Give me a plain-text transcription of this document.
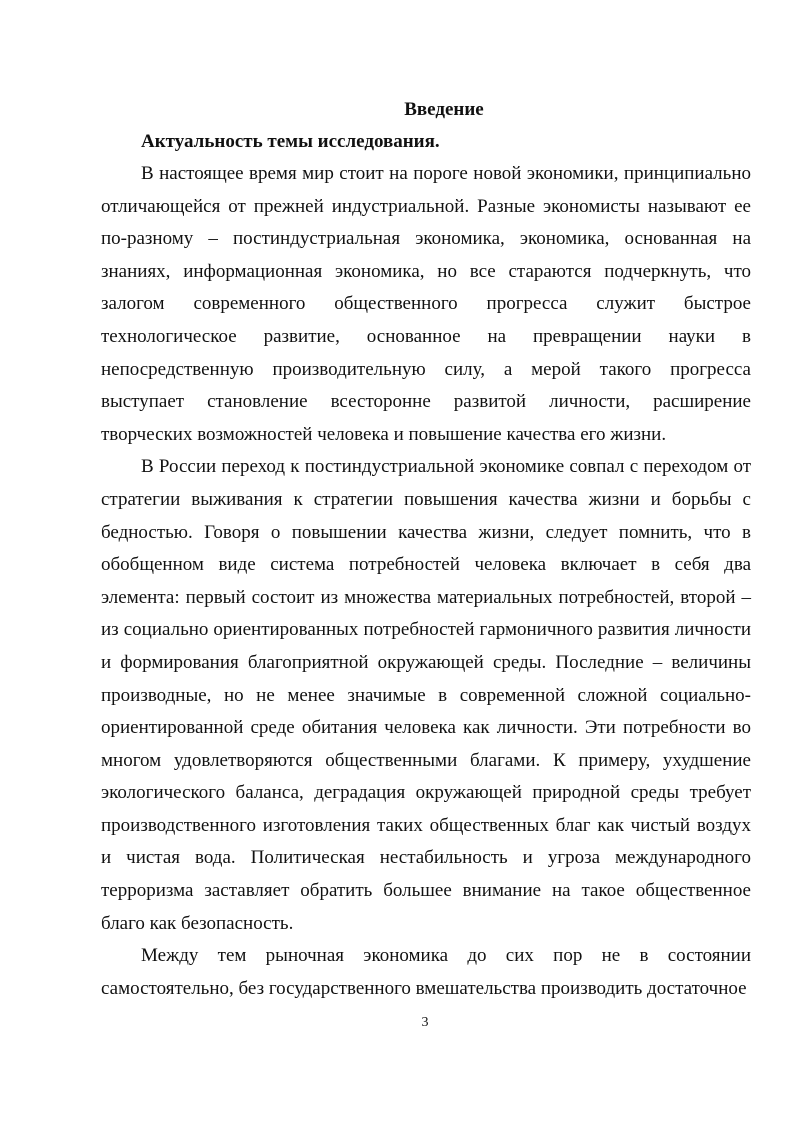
Введение
Актуальность темы исследования.

В настоящее время мир стоит на пороге новой экономики, принципиально отличающейся от прежней индустриальной. Разные экономисты называют ее по-разному – постиндустриальная экономика, экономика, основанная на знаниях, информационная экономика, но все стараются подчеркнуть, что залогом современного общественного прогресса служит быстрое технологическое развитие, основанное на превращении науки в непосредственную производительную силу, а мерой такого прогресса выступает становление всесторонне развитой личности, расширение творческих возможностей человека и повышение качества его жизни.

В России переход к постиндустриальной экономике совпал с переходом от стратегии выживания к стратегии повышения качества жизни и борьбы с бедностью. Говоря о повышении качества жизни, следует помнить, что в обобщенном виде система потребностей человека включает в себя два элемента: первый состоит из множества материальных потребностей, второй – из социально ориентированных потребностей гармоничного развития личности и формирования благоприятной окружающей среды. Последние – величины производные, но не менее значимые в современной сложной социально-ориентированной среде обитания человека как личности. Эти потребности во многом удовлетворяются общественными благами. К примеру, ухудшение экологического баланса, деградация окружающей природной среды требует производственного изготовления таких общественных благ как чистый воздух и чистая вода. Политическая нестабильность и угроза международного терроризма заставляет обратить большее внимание на такое общественное благо как безопасность.

Между тем рыночная экономика до сих пор не в состоянии самостоятельно, без государственного вмешательства производить достаточное

3
